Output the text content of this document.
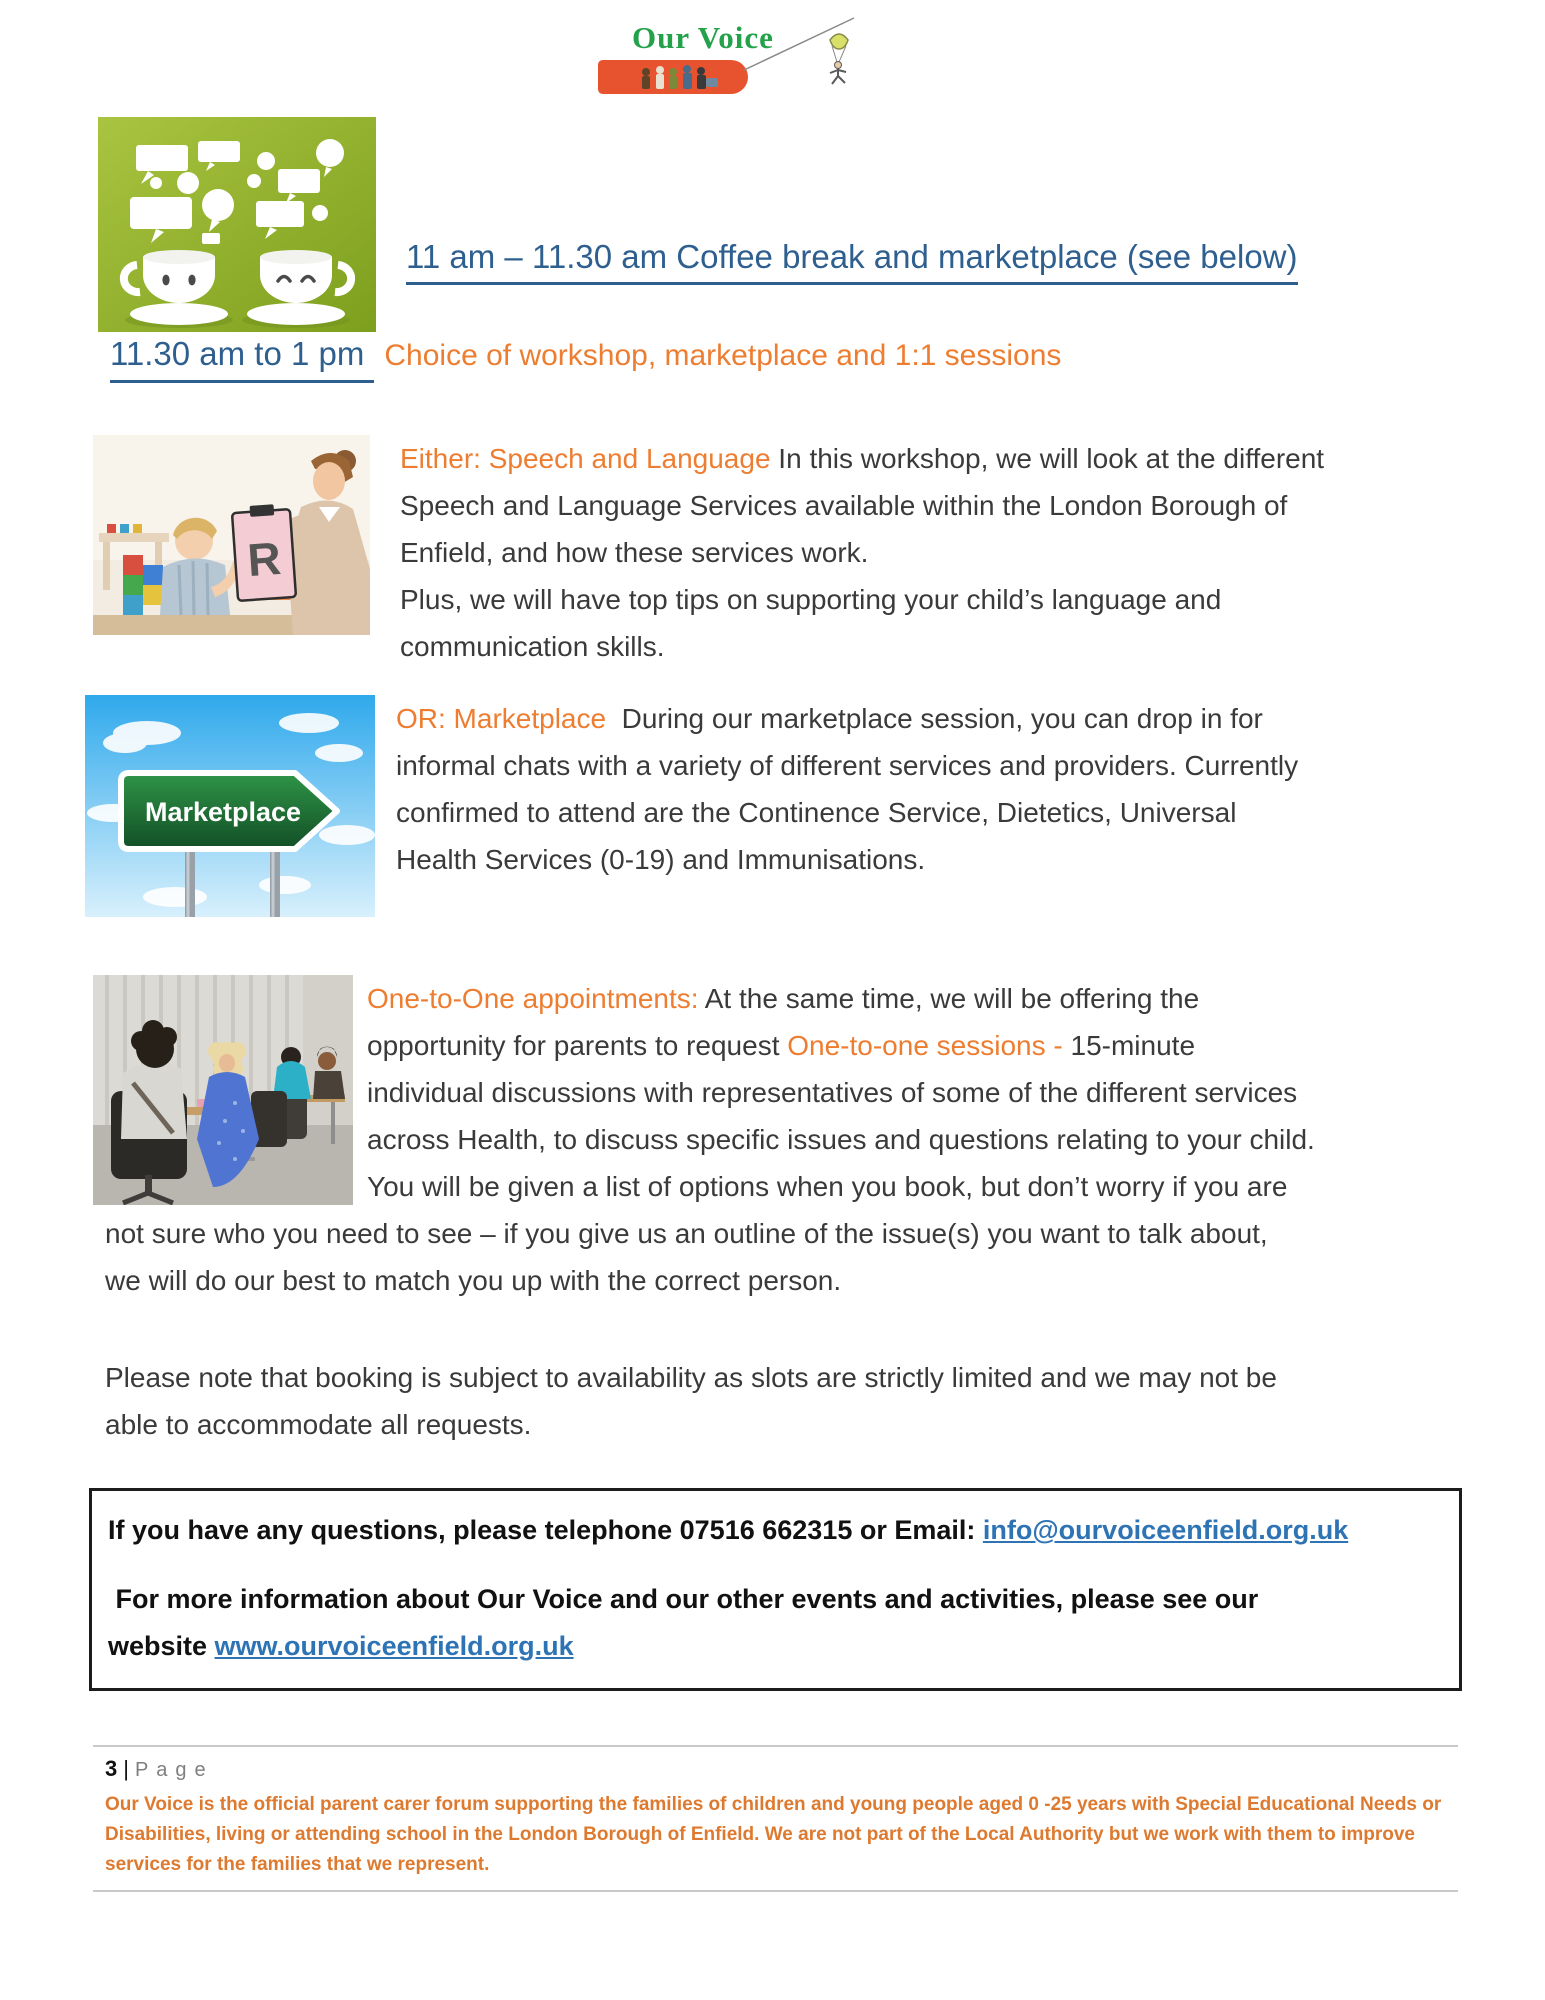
Our Voice
11 am – 11.30 am Coffee break and marketplace (see below)
11.30 am to 1 pm Choice of workshop, marketplace and 1:1 sessions
R
Either: Speech and Language In this workshop, we will look at the different
Speech and Language Services available within the London Borough of
Enfield, and how these services work.
Plus, we will have top tips on supporting your child’s language and
communication skills.
Marketplace
OR: Marketplace  During our marketplace session, you can drop in for
informal chats with a variety of different services and providers. Currently
confirmed to attend are the Continence Service, Dietetics, Universal
Health Services (0-19) and Immunisations.
One-to-One appointments: At the same time, we will be offering the
opportunity for parents to request One-to-one sessions - 15-minute
individual discussions with representatives of some of the different services
across Health, to discuss specific issues and questions relating to your child.
You will be given a list of options when you book, but don’t worry if you are
not sure who you need to see – if you give us an outline of the issue(s) you want to talk about,
we will do our best to match you up with the correct person.
Please note that booking is subject to availability as slots are strictly limited and we may not be
able to accommodate all requests.
If you have any questions, please telephone 07516 662315 or Email: info@ourvoiceenfield.org.uk
For more information about Our Voice and our other events and activities, please see our
website www.ourvoiceenfield.org.uk
3 | Page
Our Voice is the official parent carer forum supporting the families of children and young people aged 0 -25 years with Special Educational Needs or Disabilities, living or attending school in the London Borough of Enfield. We are not part of the Local Authority but we work with them to improve services for the families that we represent.
